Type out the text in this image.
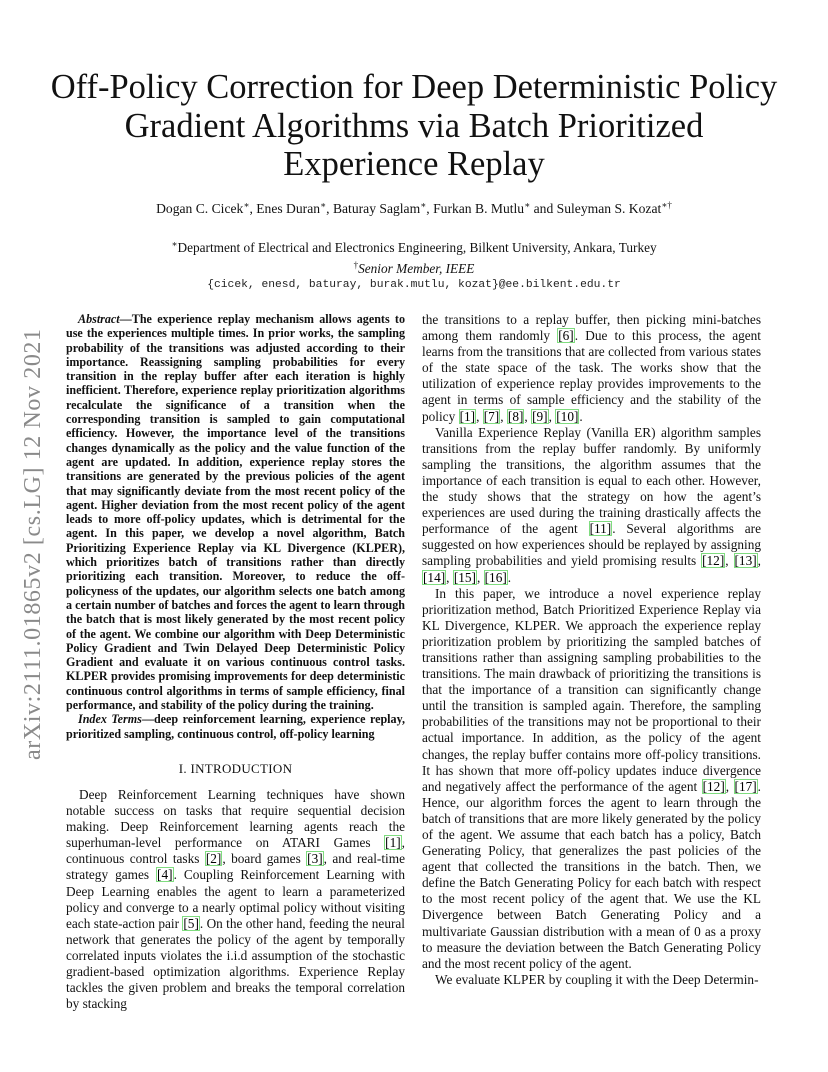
arXiv:2111.01865v2 [cs.LG] 12 Nov 2021
Off-Policy Correction for Deep Deterministic Policy
Gradient Algorithms via Batch Prioritized
Experience Replay
Dogan C. Cicek∗, Enes Duran∗, Baturay Saglam∗, Furkan B. Mutlu∗ and Suleyman S. Kozat∗†
∗Department of Electrical and Electronics Engineering, Bilkent University, Ankara, Turkey
†Senior Member, IEEE
{cicek, enesd, baturay, burak.mutlu, kozat}@ee.bilkent.edu.tr

Abstract—The experience replay mechanism allows agents to use the experiences multiple times. In prior works, the sampling probability of the transitions was adjusted according to their importance. Reassigning sampling probabilities for every transition in the replay buffer after each iteration is highly inefficient. Therefore, experience replay prioritization algorithms recalculate the significance of a transition when the corresponding transition is sampled to gain computational efficiency. However, the importance level of the transitions changes dynamically as the policy and the value function of the agent are updated. In addition, experience replay stores the transitions are generated by the previous policies of the agent that may significantly deviate from the most recent policy of the agent. Higher deviation from the most recent policy of the agent leads to more off-policy updates, which is detrimental for the agent. In this paper, we develop a novel algorithm, Batch Prioritizing Experience Replay via KL Divergence (KLPER), which prioritizes batch of transitions rather than directly prioritizing each transition. Moreover, to reduce the off-policyness of the updates, our algorithm selects one batch among a certain number of batches and forces the agent to learn through the batch that is most likely generated by the most recent policy of the agent. We combine our algorithm with Deep Deterministic Policy Gradient and Twin Delayed Deep Deterministic Policy Gradient and evaluate it on various continuous control tasks. KLPER provides promising improvements for deep deterministic continuous control algorithms in terms of sample efficiency, final performance, and stability of the policy during the training.

Index Terms—deep reinforcement learning, experience replay, prioritized sampling, continuous control, off-policy learning

I. INTRODUCTION

Deep Reinforcement Learning techniques have shown notable success on tasks that require sequential decision making. Deep Reinforcement learning agents reach the superhuman-level performance on ATARI Games [1], continuous control tasks [2], board games [3], and real-time strategy games [4]. Coupling Reinforcement Learning with Deep Learning enables the agent to learn a parameterized policy and converge to a nearly optimal policy without visiting each state-action pair [5]. On the other hand, feeding the neural network that generates the policy of the agent by temporally correlated inputs violates the i.i.d assumption of the stochastic gradient-based optimization algorithms. Experience Replay tackles the given problem and breaks the temporal correlation by stacking

the transitions to a replay buffer, then picking mini-batches among them randomly [6]. Due to this process, the agent learns from the transitions that are collected from various states of the state space of the task. The works show that the utilization of experience replay provides improvements to the agent in terms of sample efficiency and the stability of the policy [1], [7], [8], [9], [10].

Vanilla Experience Replay (Vanilla ER) algorithm samples transitions from the replay buffer randomly. By uniformly sampling the transitions, the algorithm assumes that the importance of each transition is equal to each other. However, the study shows that the strategy on how the agent’s experiences are used during the training drastically affects the performance of the agent [11]. Several algorithms are suggested on how experiences should be replayed by assigning sampling probabilities and yield promising results [12], [13], [14], [15], [16].

In this paper, we introduce a novel experience replay prioritization method, Batch Prioritized Experience Replay via KL Divergence, KLPER. We approach the experience replay prioritization problem by prioritizing the sampled batches of transitions rather than assigning sampling probabilities to the transitions. The main drawback of prioritizing the transitions is that the importance of a transition can significantly change until the transition is sampled again. Therefore, the sampling probabilities of the transitions may not be proportional to their actual importance. In addition, as the policy of the agent changes, the replay buffer contains more off-policy transitions. It has shown that more off-policy updates induce divergence and negatively affect the performance of the agent [12], [17]. Hence, our algorithm forces the agent to learn through the batch of transitions that are more likely generated by the policy of the agent. We assume that each batch has a policy, Batch Generating Policy, that generalizes the past policies of the agent that collected the transitions in the batch. Then, we define the Batch Generating Policy for each batch with respect to the most recent policy of the agent that. We use the KL Divergence between Batch Generating Policy and a multivariate Gaussian distribution with a mean of 0 as a proxy to measure the deviation between the Batch Generating Policy and the most recent policy of the agent.

We evaluate KLPER by coupling it with the Deep Determin-
